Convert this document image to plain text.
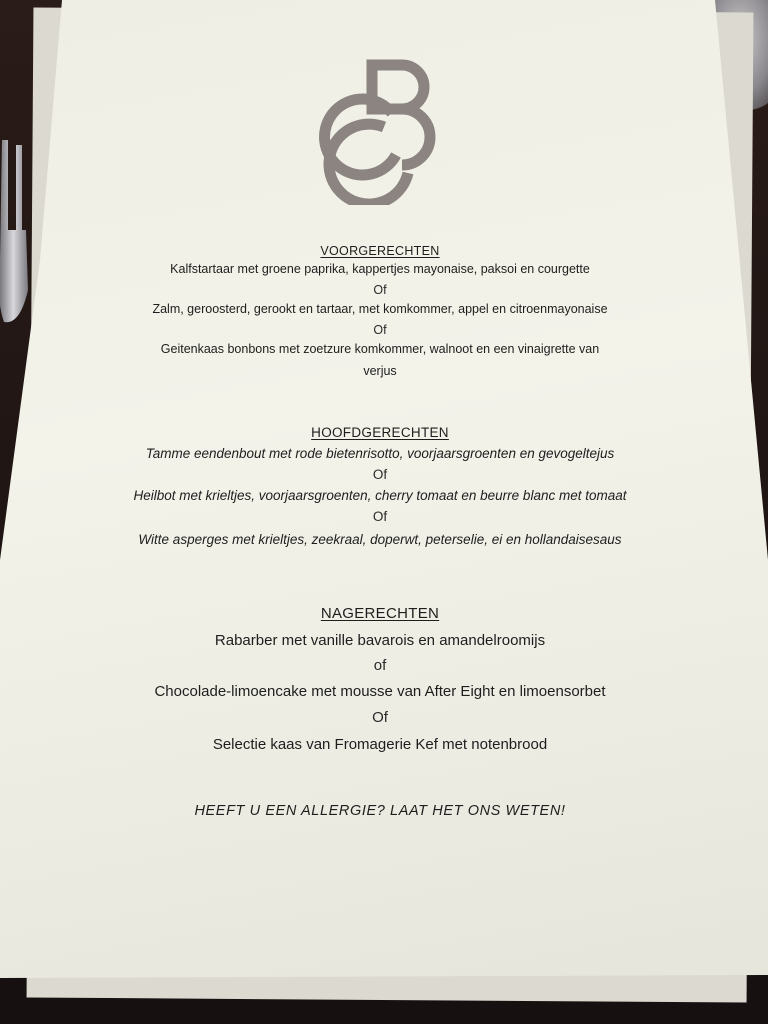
VOORGERECHTEN
Kalfstartaar met groene paprika, kappertjes mayonaise, paksoi en courgette
Of
Zalm, geroosterd, gerookt en tartaar, met komkommer, appel en citroenmayonaise
Of
Geitenkaas bonbons met zoetzure komkommer, walnoot en een vinaigrette van
verjus
HOOFDGERECHTEN
Tamme eendenbout met rode bietenrisotto, voorjaarsgroenten en gevogeltejus
Of
Heilbot met krieltjes, voorjaarsgroenten, cherry tomaat en beurre blanc met tomaat
Of
Witte asperges met krieltjes, zeekraal, doperwt, peterselie, ei en hollandaisesaus
NAGERECHTEN
Rabarber met vanille bavarois en amandelroomijs
of
Chocolade-limoencake met mousse van After Eight en limoensorbet
Of
Selectie kaas van Fromagerie Kef met notenbrood
HEEFT U EEN ALLERGIE? LAAT HET ONS WETEN!
